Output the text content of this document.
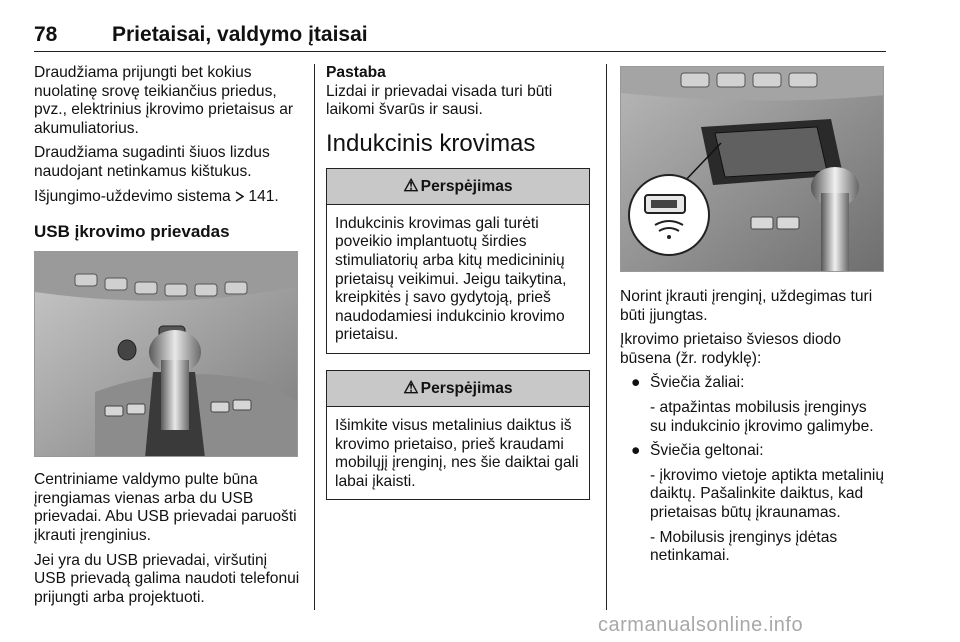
78	Prietaisai, valdymo įtaisai

Draudžiama prijungti bet kokius nuolatinę srovę teikiančius priedus, pvz., elektrinius įkrovimo prietaisus ar akumuliatorius.

Draudžiama sugadinti šiuos lizdus naudojant netinkamus kištukus.

Išjungimo-uždevimo sistema  141.

USB įkrovimo prievadas

Centriniame valdymo pulte būna įrengiamas vienas arba du USB prievadai. Abu USB prievadai paruošti įkrauti įrenginius.

Jei yra du USB prievadai, viršutinį USB prievadą galima naudoti telefonui prijungti arba projektuoti.

Pastaba

Lizdai ir prievadai visada turi būti laikomi švarūs ir sausi.

Indukcinis krovimas
⚠ Perspėjimas
Indukcinis krovimas gali turėti poveikio implantuotų širdies stimuliatorių arba kitų medicininių prietaisų veikimui. Jeigu taikytina, kreipkitės į savo gydytoją, prieš naudodamiesi indukcinio krovimo prietaisu.
⚠ Perspėjimas
Išimkite visus metalinius daiktus iš krovimo prietaiso, prieš kraudami mobilųjį įrenginį, nes šie daiktai gali labai įkaisti.

Norint įkrauti įrenginį, uždegimas turi būti įjungtas.

Įkrovimo prietaiso šviesos diodo būsena (žr. rodyklę):

● Šviečia žaliai:

- atpažintas mobilusis įrenginys su indukcinio įkrovimo galimybe.

● Šviečia geltonai:

- įkrovimo vietoje aptikta metalinių daiktų. Pašalinkite daiktus, kad prietaisas būtų įkraunamas.

- Mobilusis įrenginys įdėtas netinkamai.

carmanualsonline.info
